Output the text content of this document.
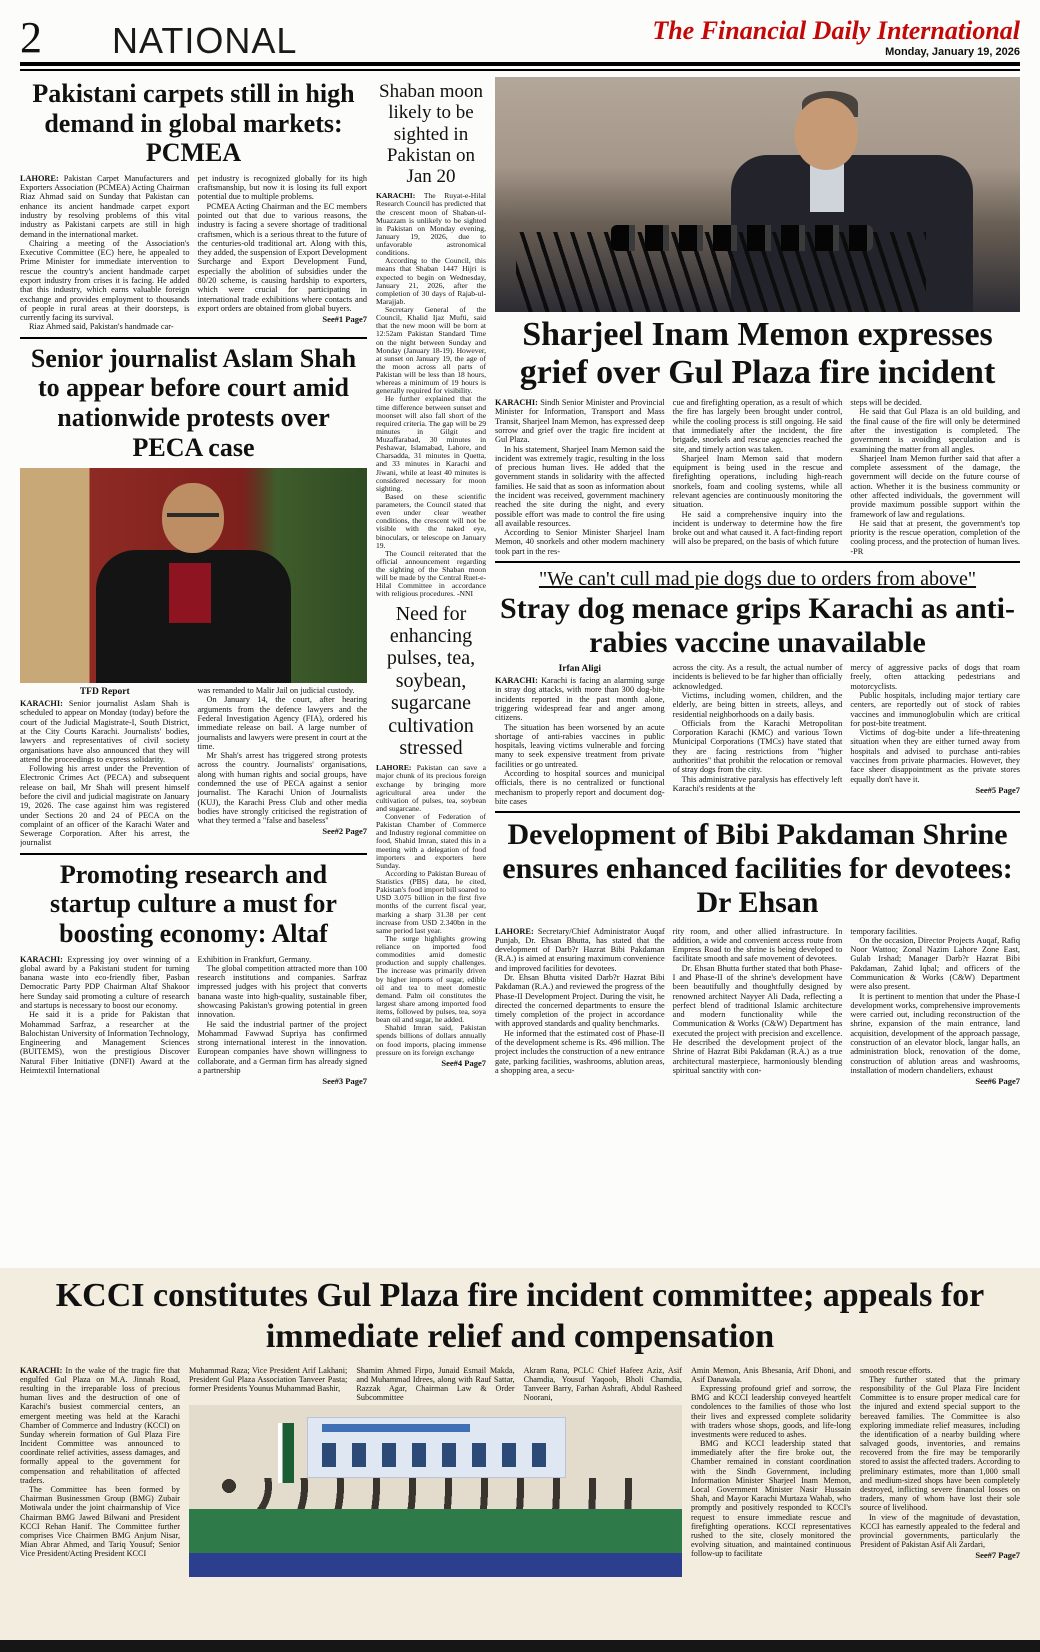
2 NATIONAL	The Financial Daily International
Monday, January 19, 2026
Pakistani carpets still in high demand in global markets: PCMEA

LAHORE: Pakistan Carpet Manufacturers and Exporters Association (PCMEA) Acting Chairman Riaz Ahmad said on Sunday that Pakistan can enhance its ancient handmade carpet export industry by resolving problems of this vital industry as Pakistani carpets are still in high demand in the international market.

Chairing a meeting of the Association's Executive Committee (EC) here, he appealed to Prime Minister for immediate intervention to rescue the country's ancient handmade carpet export industry from crises it is facing. He added that this industry, which earns valuable foreign exchange and provides employment to thousands of people in rural areas at their doorsteps, is currently facing its survival.

Riaz Ahmed said, Pakistan's handmade car-

pet industry is recognized globally for its high craftsmanship, but now it is losing its full export potential due to multiple problems.

PCMEA Acting Chairman and the EC members pointed out that due to various reasons, the industry is facing a severe shortage of traditional craftsmen, which is a serious threat to the future of the centuries-old traditional art. Along with this, they added, the suspension of Export Development Surcharge and Export Development Fund, especially the abolition of subsidies under the 80/20 scheme, is causing hardship to exporters, which were crucial for participating in international trade exhibitions where contacts and export orders are obtained from global buyers.

See#1 Page7
Senior journalist Aslam Shah to appear before court amid nationwide protests over PECA case
TFD Report

KARACHI: Senior journalist Aslam Shah is scheduled to appear on Monday (today) before the court of the Judicial Magistrate-I, South District, at the City Courts Karachi. Journalists' bodies, lawyers and representatives of civil society organisations have also announced that they will attend the proceedings to express solidarity.

Following his arrest under the Prevention of Electronic Crimes Act (PECA) and subsequent release on bail, Mr Shah will present himself before the civil and judicial magistrate on January 19, 2026. The case against him was registered under Sections 20 and 24 of PECA on the complaint of an officer of the Karachi Water and Sewerage Corporation. After his arrest, the journalist

was remanded to Malir Jail on judicial custody.

On January 14, the court, after hearing arguments from the defence lawyers and the Federal Investigation Agency (FIA), ordered his immediate release on bail. A large number of journalists and lawyers were present in court at the time.

Mr Shah's arrest has triggered strong protests across the country. Journalists' organisations, along with human rights and social groups, have condemned the use of PECA against a senior journalist. The Karachi Union of Journalists (KUJ), the Karachi Press Club and other media bodies have strongly criticised the registration of what they termed a "false and baseless"

See#2 Page7
Promoting research and startup culture a must for boosting economy: Altaf

KARACHI: Expressing joy over winning of a global award by a Pakistani student for turning banana waste into eco-friendly fiber, Pasban Democratic Party PDP Chairman Altaf Shakoor here Sunday said promoting a culture of research and startups is necessary to boost our economy.

He said it is a pride for Pakistan that Mohammad Sarfraz, a researcher at the Balochistan University of Information Technology, Engineering and Management Sciences (BUITEMS), won the prestigious Discover Natural Fiber Initiative (DNFI) Award at the Heimtextil International

Exhibition in Frankfurt, Germany.

The global competition attracted more than 100 research institutions and companies. Sarfraz impressed judges with his project that converts banana waste into high-quality, sustainable fiber, showcasing Pakistan's growing potential in green innovation.

He said the industrial partner of the project Mohammad Fawwad Supriya has confirmed strong international interest in the innovation. European companies have shown willingness to collaborate, and a German firm has already signed a partnership

See#3 Page7
Shaban moon likely to be sighted in Pakistan on Jan 20

KARACHI: The Ruyat-e-Hilal Research Council has predicted that the crescent moon of Shaban-ul-Muazzam is unlikely to be sighted in Pakistan on Monday evening, January 19, 2026, due to unfavorable astronomical conditions.

According to the Council, this means that Shaban 1447 Hijri is expected to begin on Wednesday, January 21, 2026, after the completion of 30 days of Rajab-ul-Marajjab.

Secretary General of the Council, Khalid Ijaz Mufti, said that the new moon will be born at 12:52am Pakistan Standard Time on the night between Sunday and Monday (January 18-19). However, at sunset on January 19, the age of the moon across all parts of Pakistan will be less than 18 hours, whereas a minimum of 19 hours is generally required for visibility.

He further explained that the time difference between sunset and moonset will also fall short of the required criteria. The gap will be 29 minutes in Gilgit and Muzaffarabad, 30 minutes in Peshawar, Islamabad, Lahore, and Charsadda, 31 minutes in Quetta, and 33 minutes in Karachi and Jiwani, while at least 40 minutes is considered necessary for moon sighting.

Based on these scientific parameters, the Council stated that even under clear weather conditions, the crescent will not be visible with the naked eye, binoculars, or telescope on January 19.

The Council reiterated that the official announcement regarding the sighting of the Shaban moon will be made by the Central Ruet-e-Hilal Committee in accordance with religious procedures. -NNI

Need for enhancing pulses, tea, soybean, sugarcane cultivation stressed

LAHORE: Pakistan can save a major chunk of its precious foreign exchange by bringing more agricultural area under the cultivation of pulses, tea, soybean and sugarcane.

Convener of Federation of Pakistan Chamber of Commerce and Industry regional committee on food, Shahid Imran, stated this in a meeting with a delegation of food importers and exporters here Sunday.

According to Pakistan Bureau of Statistics (PBS) data, he cited, Pakistan's food import bill soared to USD 3.075 billion in the first five months of the current fiscal year, marking a sharp 31.38 per cent increase from USD 2.340bn in the same period last year.

The surge highlights growing reliance on imported food commodities amid domestic production and supply challenges. The increase was primarily driven by higher imports of sugar, edible oil and tea to meet domestic demand. Palm oil constitutes the largest share among imported food items, followed by pulses, tea, soya bean oil and sugar, he added.

Shahid Imran said, Pakistan spends billions of dollars annually on food imports, placing immense pressure on its foreign exchange

See#4 Page7
Sharjeel Inam Memon expresses grief over Gul Plaza fire incident

KARACHI: Sindh Senior Minister and Provincial Minister for Information, Transport and Mass Transit, Sharjeel Inam Memon, has expressed deep sorrow and grief over the tragic fire incident at Gul Plaza.

In his statement, Sharjeel Inam Memon said the incident was extremely tragic, resulting in the loss of precious human lives. He added that the government stands in solidarity with the affected families. He said that as soon as information about the incident was received, government machinery reached the site during the night, and every possible effort was made to control the fire using all available resources.

According to Senior Minister Sharjeel Inam Memon, 40 snorkels and other modern machinery took part in the res-

cue and firefighting operation, as a result of which the fire has largely been brought under control, while the cooling process is still ongoing. He said that immediately after the incident, the fire brigade, snorkels and rescue agencies reached the site, and timely action was taken.

Sharjeel Inam Memon said that modern equipment is being used in the rescue and firefighting operations, including high-reach snorkels, foam and cooling systems, while all relevant agencies are continuously monitoring the situation.

He said a comprehensive inquiry into the incident is underway to determine how the fire broke out and what caused it. A fact-finding report will also be prepared, on the basis of which future

steps will be decided.

He said that Gul Plaza is an old building, and the final cause of the fire will only be determined after the investigation is completed. The government is avoiding speculation and is examining the matter from all angles.

Sharjeel Inam Memon further said that after a complete assessment of the damage, the government will decide on the future course of action. Whether it is the business community or other affected individuals, the government will provide maximum possible support within the framework of law and regulations.

He said that at present, the government's top priority is the rescue operation, completion of the cooling process, and the protection of human lives. -PR

"We can't cull mad pie dogs due to orders from above"
Stray dog menace grips Karachi as anti-rabies vaccine unavailable
Irfan Aligi

KARACHI: Karachi is facing an alarming surge in stray dog attacks, with more than 300 dog-bite incidents reported in the past month alone, triggering widespread fear and anger among citizens.

The situation has been worsened by an acute shortage of anti-rabies vaccines in public hospitals, leaving victims vulnerable and forcing many to seek expensive treatment from private facilities or go untreated.

According to hospital sources and municipal officials, there is no centralized or functional mechanism to properly report and document dog-bite cases

across the city. As a result, the actual number of incidents is believed to be far higher than officially acknowledged.

Victims, including women, children, and the elderly, are being bitten in streets, alleys, and residential neighborhoods on a daily basis.

Officials from the Karachi Metropolitan Corporation Karachi (KMC) and various Town Municipal Corporations (TMCs) have stated that they are facing restrictions from "higher authorities" that prohibit the relocation or removal of stray dogs from the city.

This administrative paralysis has effectively left Karachi's residents at the

mercy of aggressive packs of dogs that roam freely, often attacking pedestrians and motorcyclists.

Public hospitals, including major tertiary care centers, are reportedly out of stock of rabies vaccines and immunoglobulin which are critical for post-bite treatment.

Victims of dog-bite under a life-threatening situation when they are either turned away from hospitals and advised to purchase anti-rabies vaccines from private pharmacies. However, they face sheer disappointment as the private stores equally don't have it.

See#5 Page7
Development of Bibi Pakdaman Shrine ensures enhanced facilities for devotees: Dr Ehsan

LAHORE: Secretary/Chief Administrator Auqaf Punjab, Dr. Ehsan Bhutta, has stated that the development of Darb?r Hazrat Bibi Pakdaman (R.A.) is aimed at ensuring maximum convenience and improved facilities for devotees.

Dr. Ehsan Bhutta visited Darb?r Hazrat Bibi Pakdaman (R.A.) and reviewed the progress of the Phase-II Development Project. During the visit, he directed the concerned departments to ensure the timely completion of the project in accordance with approved standards and quality benchmarks.

He informed that the estimated cost of Phase-II of the development scheme is Rs. 496 million. The project includes the construction of a new entrance gate, parking facilities, washrooms, ablution areas, a shopping area, a secu-

rity room, and other allied infrastructure. In addition, a wide and convenient access route from Empress Road to the shrine is being developed to facilitate smooth and safe movement of devotees.

Dr. Ehsan Bhutta further stated that both Phase-I and Phase-II of the shrine's development have been beautifully and thoughtfully designed by renowned architect Nayyer Ali Dada, reflecting a perfect blend of traditional Islamic architecture and modern functionality while the Communication & Works (C&W) Department has executed the project with precision and excellence. He described the development project of the Shrine of Hazrat Bibi Pakdaman (R.A.) as a true architectural masterpiece, harmoniously blending spiritual sanctity with con-

temporary facilities.

On the occasion, Director Projects Auqaf, Rafiq Noor Wattoo; Zonal Nazim Lahore Zone East, Gulab Irshad; Manager Darb?r Hazrat Bibi Pakdaman, Zahid Iqbal; and officers of the Communication & Works (C&W) Department were also present.

It is pertinent to mention that under the Phase-I development works, comprehensive improvements were carried out, including reconstruction of the shrine, expansion of the main entrance, land acquisition, development of the approach passage, construction of an elevator block, langar halls, an administration block, renovation of the dome, construction of ablution areas and washrooms, installation of modern chandeliers, exhaust

See#6 Page7
KCCI constitutes Gul Plaza fire incident committee; appeals for immediate relief and compensation

KARACHI: In the wake of the tragic fire that engulfed Gul Plaza on M.A. Jinnah Road, resulting in the irreparable loss of precious human lives and the destruction of one of Karachi's busiest commercial centers, an emergent meeting was held at the Karachi Chamber of Commerce and Industry (KCCI) on Sunday wherein formation of Gul Plaza Fire Incident Committee was announced to coordinate relief activities, assess damages, and formally appeal to the government for compensation and rehabilitation of affected traders.

The Committee has been formed by Chairman Businessmen Group (BMG) Zubair Motiwala under the joint chairmanship of Vice Chairman BMG Jawed Bilwani and President KCCI Rehan Hanif. The Committee further comprises Vice Chairmen BMG Anjum Nisar, Mian Abrar Ahmed, and Tariq Yousuf; Senior Vice President/Acting President KCCI

Muhammad Raza; Vice President Arif Lakhani; President Gul Plaza Association Tanveer Pasta; former Presidents Younus Muhammad Bashir,

Shamim Ahmed Firpo, Junaid Esmail Makda, and Muhammad Idrees, along with Rauf Sattar, Razzak Agar, Chairman Law & Order Subcommittee

Akram Rana, PCLC Chief Hafeez Aziz, Asif Chamdia, Yousuf Yaqoob, Bholi Chamdia, Tanveer Barry, Farhan Ashrafi, Abdul Rasheed Noorani,

Amin Memon, Anis Bhesania, Arif Dhoni, and Asif Danawala.

Expressing profound grief and sorrow, the BMG and KCCI leadership conveyed heartfelt condolences to the families of those who lost their lives and expressed complete solidarity with traders whose shops, goods, and life-long investments were reduced to ashes.

BMG and KCCI leadership stated that immediately after the fire broke out, the Chamber remained in constant coordination with the Sindh Government, including Information Minister Sharjeel Inam Memon, Local Government Minister Nasir Hussain Shah, and Mayor Karachi Murtaza Wahab, who promptly and positively responded to KCCI's request to ensure immediate rescue and firefighting operations. KCCI representatives rushed to the site, closely monitored the evolving situation, and maintained continuous follow-up to facilitate

smooth rescue efforts.

They further stated that the primary responsibility of the Gul Plaza Fire Incident Committee is to ensure proper medical care for the injured and extend special support to the bereaved families. The Committee is also exploring immediate relief measures, including the identification of a nearby building where salvaged goods, inventories, and remains recovered from the fire may be temporarily stored to assist the affected traders. According to preliminary estimates, more than 1,000 small and medium-sized shops have been completely destroyed, inflicting severe financial losses on traders, many of whom have lost their sole source of livelihood.

In view of the magnitude of devastation, KCCI has earnestly appealed to the federal and provincial governments, particularly the President of Pakistan Asif Ali Zardari,

See#7 Page7
